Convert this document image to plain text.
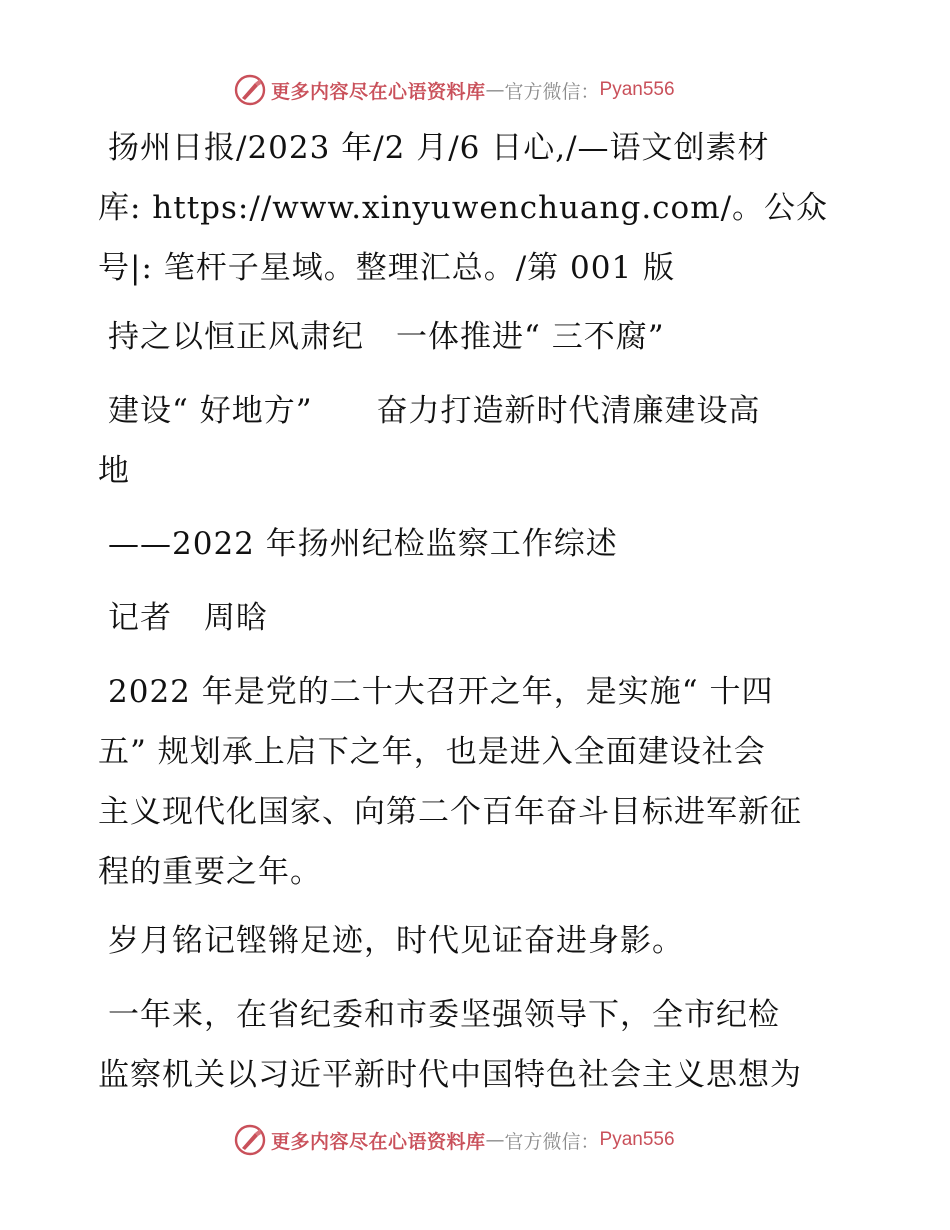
更多内容尽在心语资料库 — 官方微信： Pyan556
扬州日报/2023 年/2 月/6 日心,/—语文创素材
库: https://www.xinyuwenchuang.com/。公众
号|: 笔杆子星域。整理汇总。/第 001 版
持之以恒正风肃纪　一体推进“ 三不腐”
建设“ 好地方”　　奋力打造新时代清廉建设高
地
——2022 年扬州纪检监察工作综述
记者　周晗
2022 年是党的二十大召开之年，是实施“ 十四
五” 规划承上启下之年，也是进入全面建设社会
主义现代化国家、向第二个百年奋斗目标进军新征
程的重要之年。
岁月铭记铿锵足迹，时代见证奋进身影。
一年来，在省纪委和市委坚强领导下，全市纪检
监察机关以习近平新时代中国特色社会主义思想为
更多内容尽在心语资料库 — 官方微信： Pyan556
